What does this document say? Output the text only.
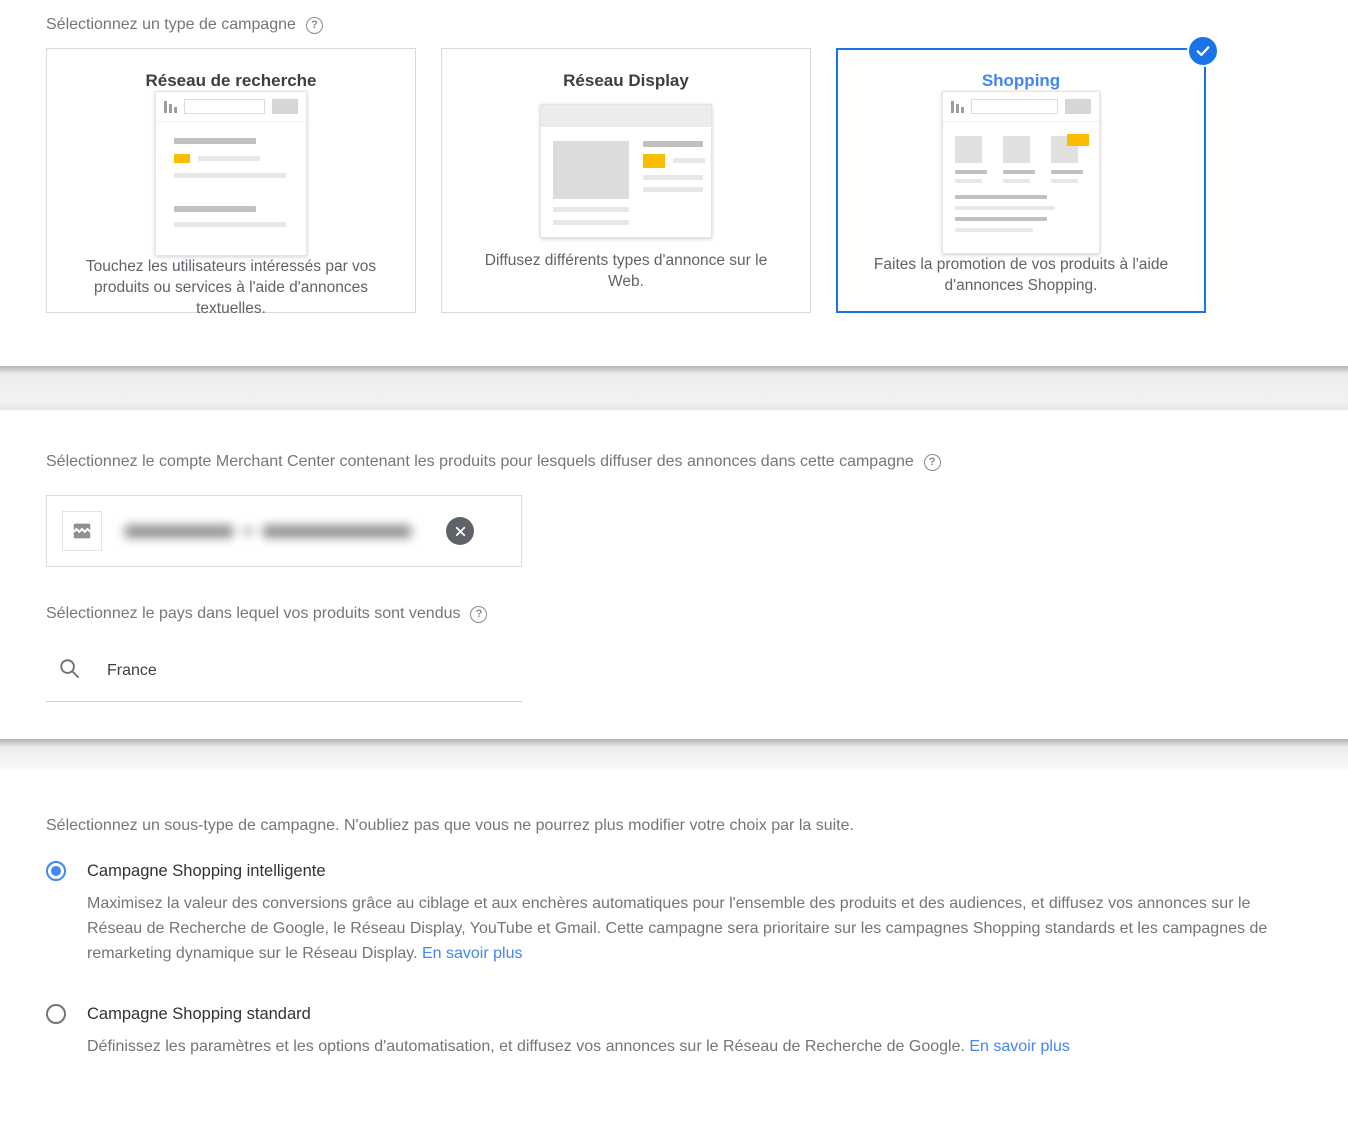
Sélectionnez un type de campagne	?
Réseau de recherche
Touchez les utilisateurs intéressés par vos produits ou services à l'aide d'annonces textuelles.
Réseau Display
Diffusez différents types d'annonce sur le Web.
Shopping
Faites la promotion de vos produits à l'aide d'annonces Shopping.
Sélectionnez le compte Merchant Center contenant les produits pour lesquels diffuser des annonces dans cette campagne	?
Sélectionnez le pays dans lequel vos produits sont vendus	?
France
Sélectionnez un sous-type de campagne. N'oubliez pas que vous ne pourrez plus modifier votre choix par la suite.
Campagne Shopping intelligente

Maximisez la valeur des conversions grâce au ciblage et aux enchères automatiques pour l'ensemble des produits et des audiences, et diffusez vos annonces sur le Réseau de Recherche de Google, le Réseau Display, YouTube et Gmail. Cette campagne sera prioritaire sur les campagnes Shopping standards et les campagnes de remarketing dynamique sur le Réseau Display. En savoir plus

Campagne Shopping standard

Définissez les paramètres et les options d'automatisation, et diffusez vos annonces sur le Réseau de Recherche de Google. En savoir plus
